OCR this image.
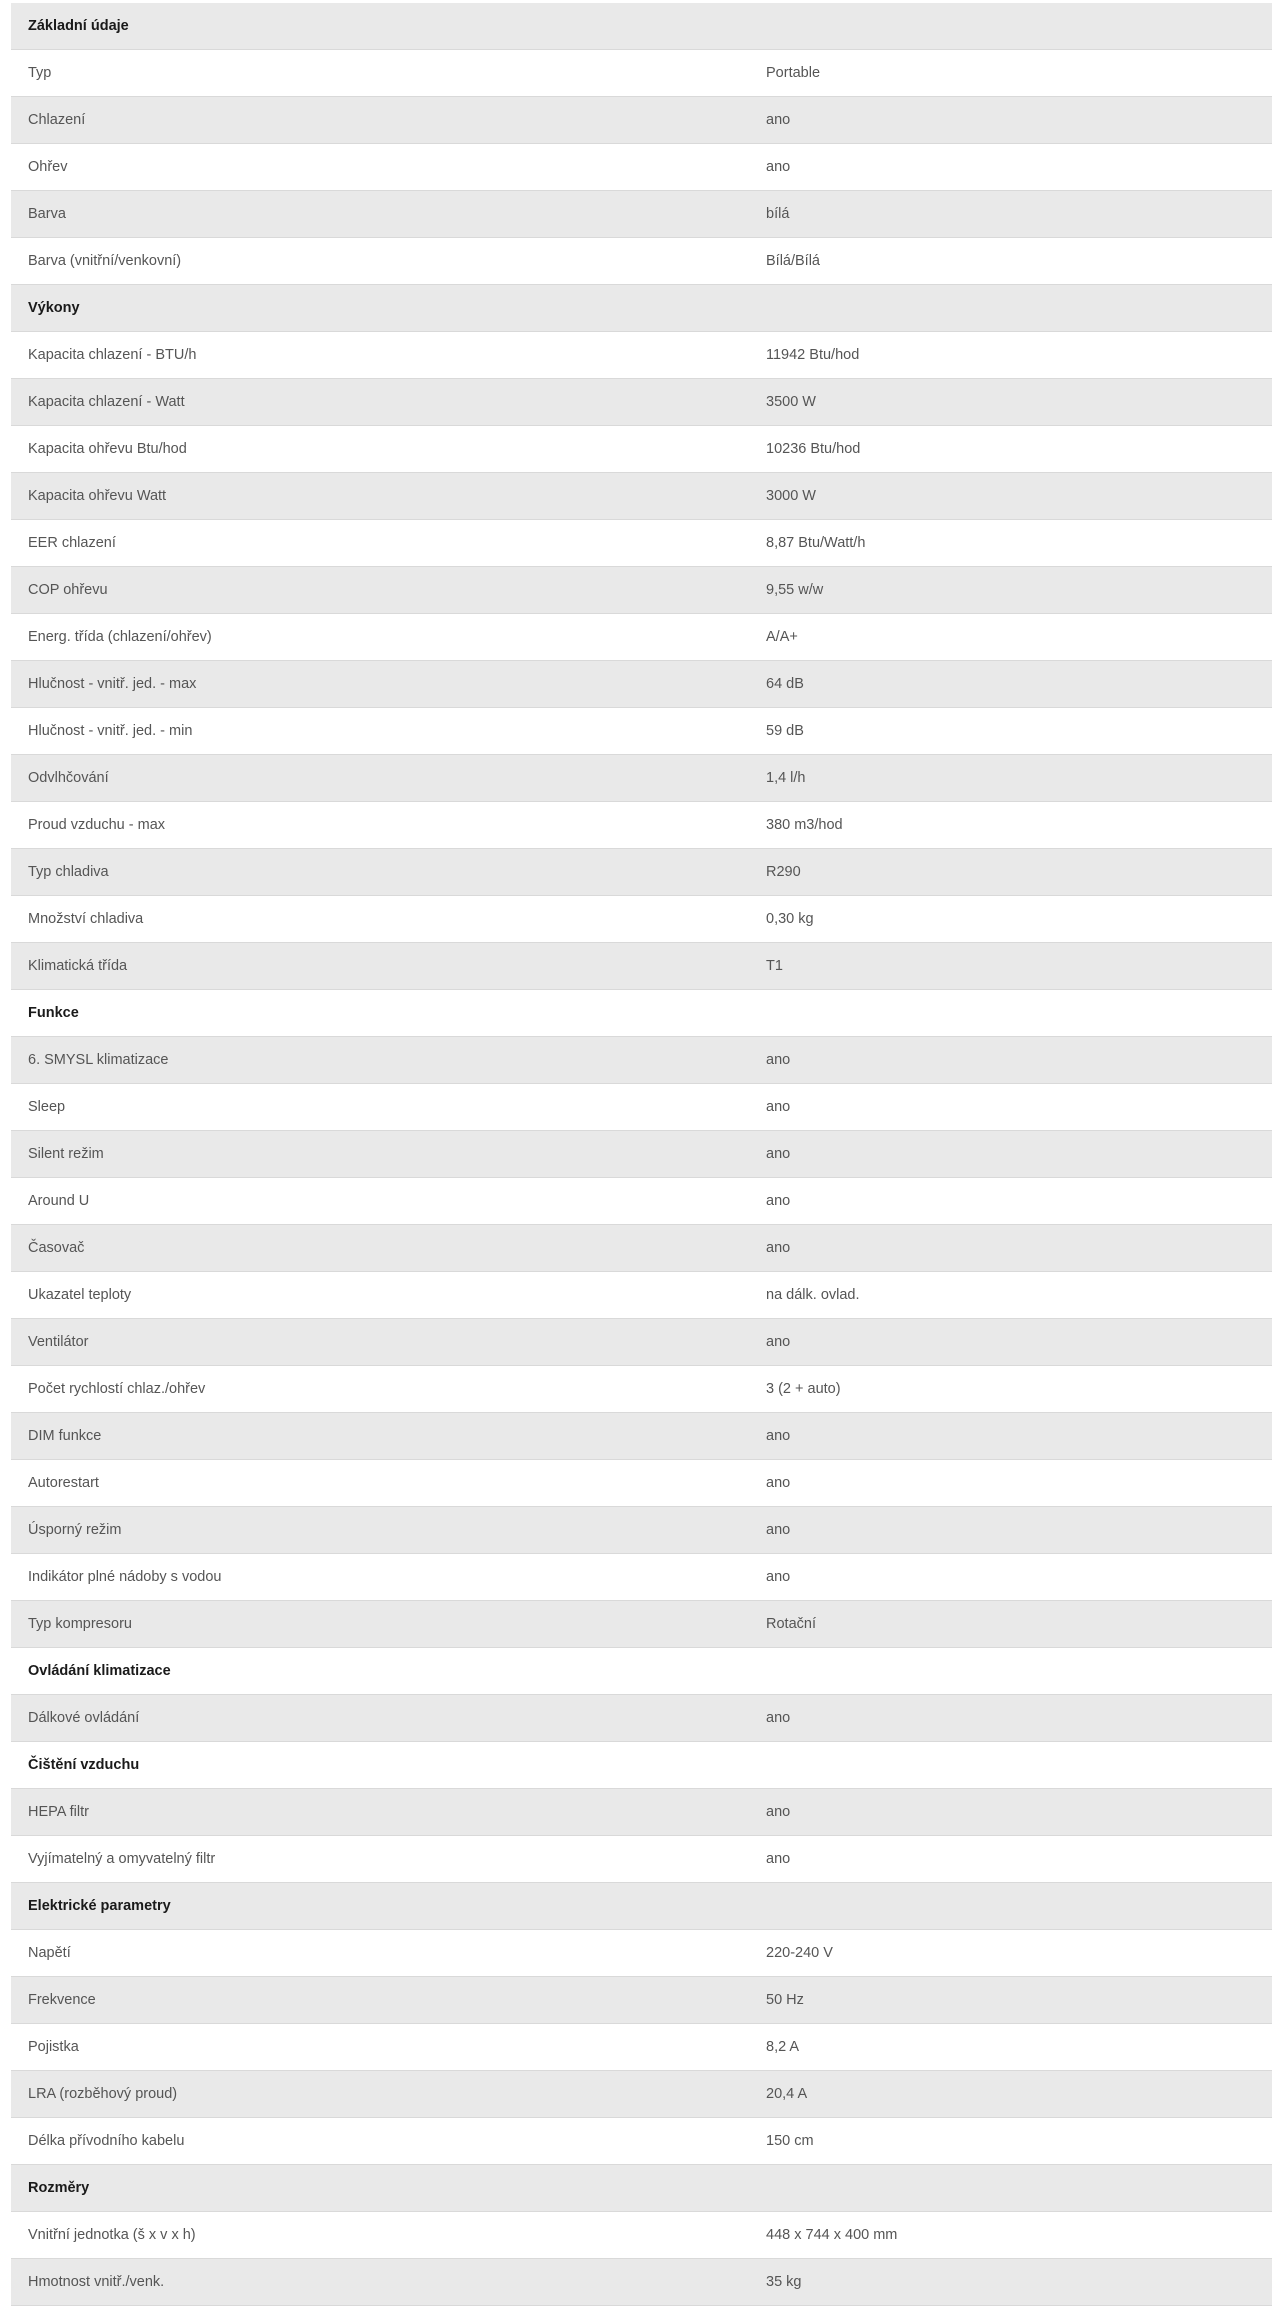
Základní údaje
Typ	Portable
Chlazení	ano
Ohřev	ano
Barva	bílá
Barva (vnitřní/venkovní)	Bílá/Bílá
Výkony
Kapacita chlazení - BTU/h	11942 Btu/hod
Kapacita chlazení - Watt	3500 W
Kapacita ohřevu Btu/hod	10236 Btu/hod
Kapacita ohřevu Watt	3000 W
EER chlazení	8,87 Btu/Watt/h
COP ohřevu	9,55 w/w
Energ. třída (chlazení/ohřev)	A/A+
Hlučnost - vnitř. jed. - max	64 dB
Hlučnost - vnitř. jed. - min	59 dB
Odvlhčování	1,4 l/h
Proud vzduchu - max	380 m3/hod
Typ chladiva	R290
Množství chladiva	0,30 kg
Klimatická třída	T1
Funkce
6. SMYSL klimatizace	ano
Sleep	ano
Silent režim	ano
Around U	ano
Časovač	ano
Ukazatel teploty	na dálk. ovlad.
Ventilátor	ano
Počet rychlostí chlaz./ohřev	3 (2 + auto)
DIM funkce	ano
Autorestart	ano
Úsporný režim	ano
Indikátor plné nádoby s vodou	ano
Typ kompresoru	Rotační
Ovládání klimatizace
Dálkové ovládání	ano
Čištění vzduchu
HEPA filtr	ano
Vyjímatelný a omyvatelný filtr	ano
Elektrické parametry
Napětí	220-240 V
Frekvence	50 Hz
Pojistka	8,2 A
LRA (rozběhový proud)	20,4 A
Délka přívodního kabelu	150 cm
Rozměry
Vnitřní jednotka (š x v x h)	448 x 744 x 400 mm
Hmotnost vnitř./venk.	35 kg
